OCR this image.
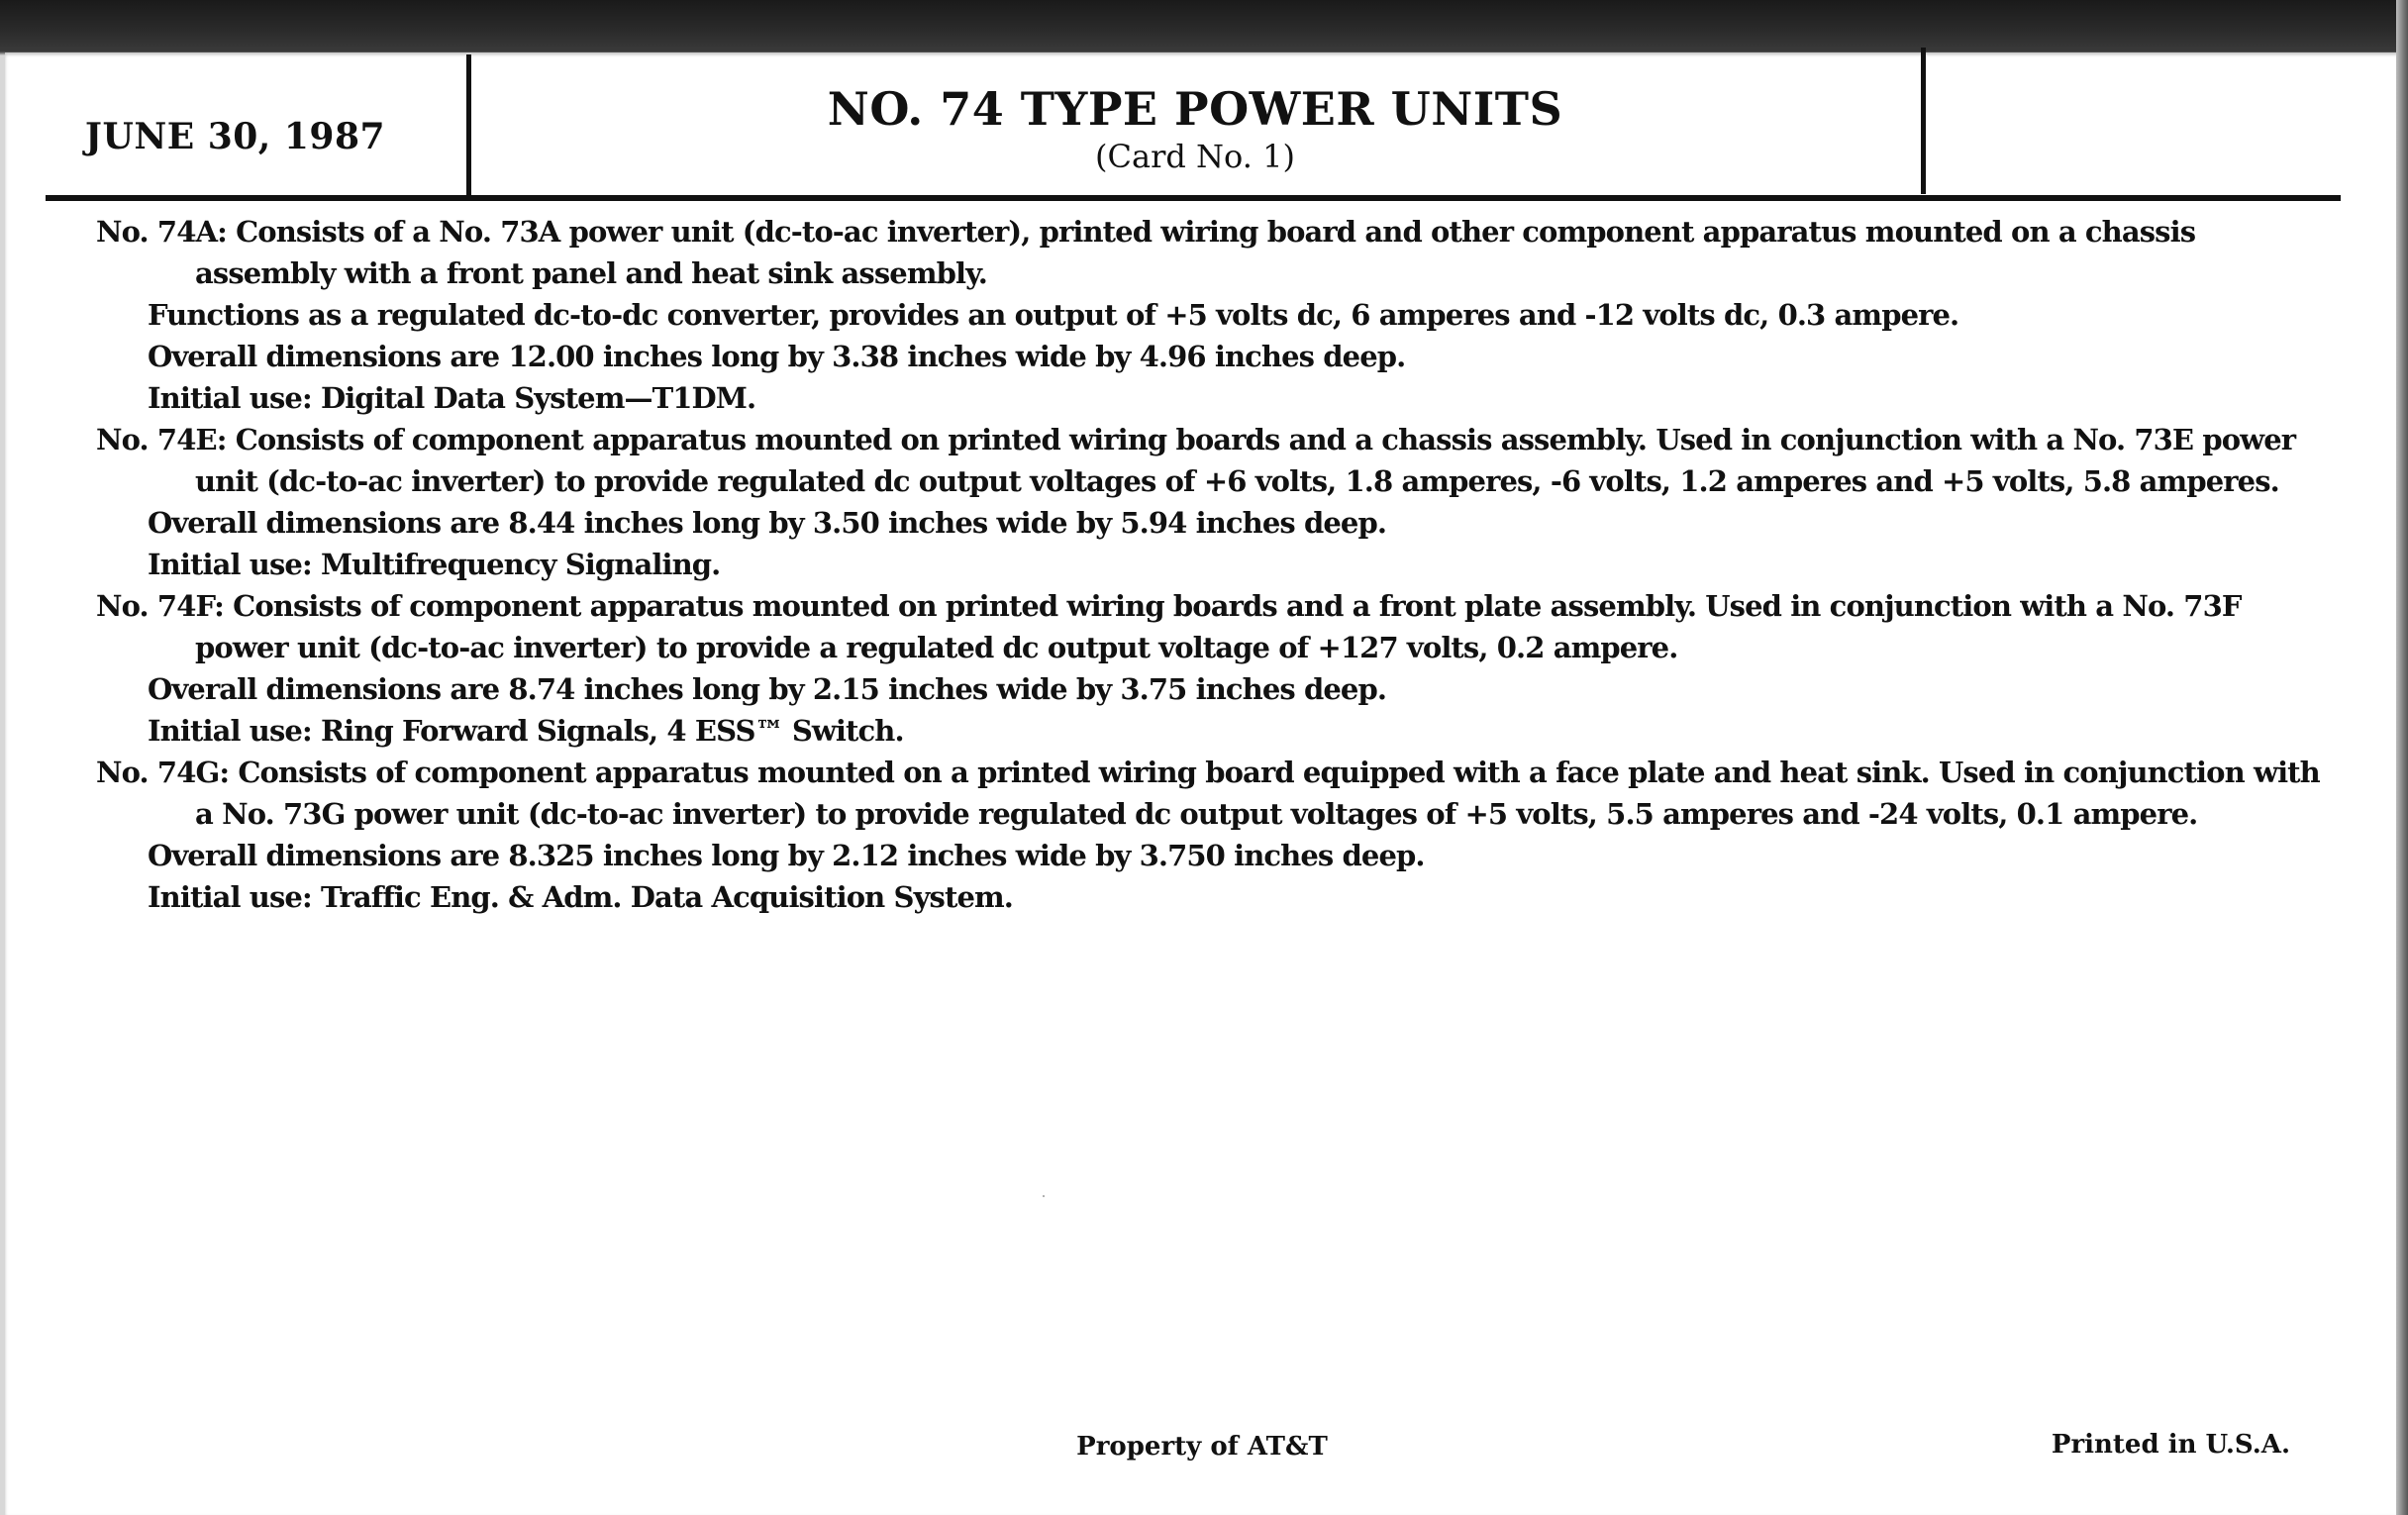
JUNE 30, 1987
NO. 74 TYPE POWER UNITS
(Card No. 1)

No. 74A: Consists of a No. 73A power unit (dc-to-ac inverter), printed wiring board and other component apparatus mounted on a chassis assembly with a front panel and heat sink assembly.

Functions as a regulated dc-to-dc converter, provides an output of +5 volts dc, 6 amperes and -12 volts dc, 0.3 ampere.

Overall dimensions are 12.00 inches long by 3.38 inches wide by 4.96 inches deep.

Initial use: Digital Data System—T1DM.

No. 74E: Consists of component apparatus mounted on printed wiring boards and a chassis assembly. Used in conjunction with a No. 73E power unit (dc-to-ac inverter) to provide regulated dc output voltages of +6 volts, 1.8 amperes, -6 volts, 1.2 amperes and +5 volts, 5.8 amperes.

Overall dimensions are 8.44 inches long by 3.50 inches wide by 5.94 inches deep.

Initial use: Multifrequency Signaling.

No. 74F: Consists of component apparatus mounted on printed wiring boards and a front plate assembly. Used in conjunction with a No. 73F power unit (dc-to-ac inverter) to provide a regulated dc output voltage of +127 volts, 0.2 ampere.

Overall dimensions are 8.74 inches long by 2.15 inches wide by 3.75 inches deep.

Initial use: Ring Forward Signals, 4 ESS™ Switch.

No. 74G: Consists of component apparatus mounted on a printed wiring board equipped with a face plate and heat sink. Used in conjunction with a No. 73G power unit (dc-to-ac inverter) to provide regulated dc output voltages of +5 volts, 5.5 amperes and -24 volts, 0.1 ampere.

Overall dimensions are 8.325 inches long by 2.12 inches wide by 3.750 inches deep.

Initial use: Traffic Eng. & Adm. Data Acquisition System.

Property of AT&T	Printed in U.S.A.
